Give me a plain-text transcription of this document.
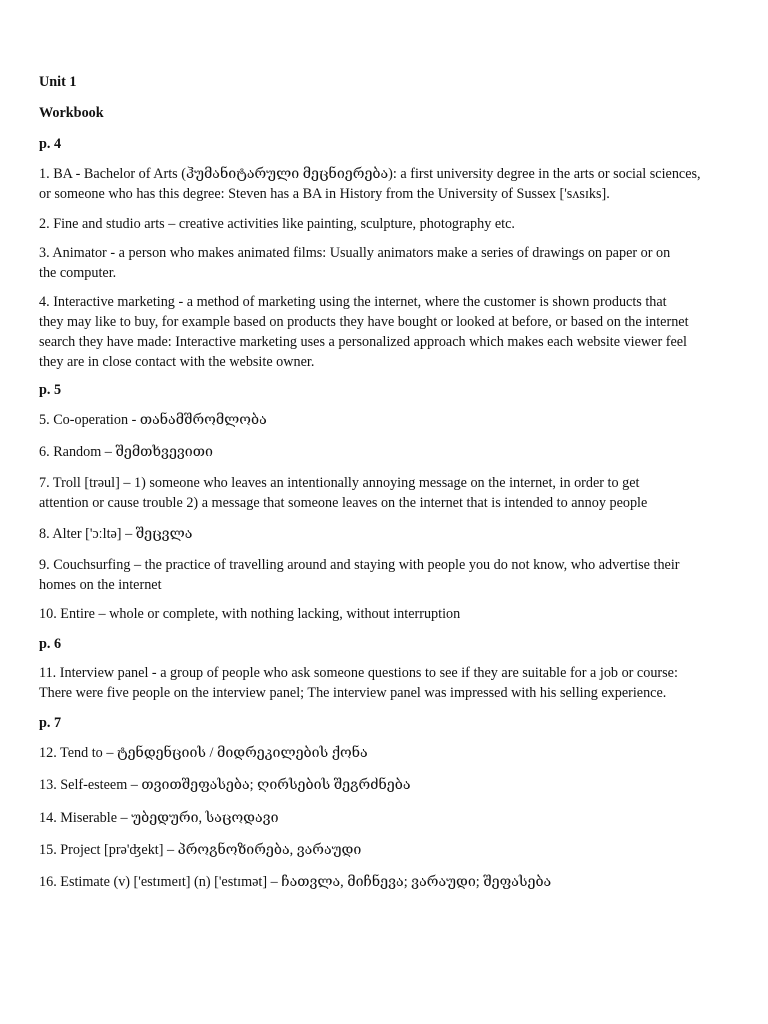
Unit 1
Workbook
p. 4
1. BA - Bachelor of Arts (ჰუმანიტარული მეცნიერება): a first university degree in the arts or social sciences,
or someone who has this degree: Steven has a BA in History from the University of Sussex ['sʌsɪks].
2. Fine and studio arts – creative activities like painting, sculpture, photography etc.
3. Animator - a person who makes animated films: Usually animators make a series of drawings on paper or on
the computer.
4. Interactive marketing - a method of marketing using the internet, where the customer is shown products that
they may like to buy, for example based on products they have bought or looked at before, or based on the internet
search they have made: Interactive marketing uses a personalized approach which makes each website viewer feel
they are in close contact with the website owner.
p. 5
5. Co-operation - თანამშრომლობა
6. Random – შემთხვევითი
7. Troll [trəul] – 1) someone who leaves an intentionally annoying message on the internet, in order to get
attention or cause trouble 2) a message that someone leaves on the internet that is intended to annoy people
8. Alter ['ɔːltə] – შეცვლა
9. Couchsurfing – the practice of travelling around and staying with people you do not know, who advertise their
homes on the internet
10. Entire – whole or complete, with nothing lacking, without interruption
p. 6
11. Interview panel - a group of people who ask someone questions to see if they are suitable for a job or course:
There were five people on the interview panel; The interview panel was impressed with his selling experience.
p. 7
12. Tend to – ტენდენციის / მიდრეკილების ქონა
13. Self-esteem – თვითშეფასება; ღირსების შეგრძნება
14. Miserable – უბედური, საცოდავი
15. Project [prə'ʤekt] – პროგნოზირება, ვარაუდი
16. Estimate (v) ['estɪmeɪt] (n) ['estɪmət] – ჩათვლა, მიჩნევა; ვარაუდი; შეფასება
